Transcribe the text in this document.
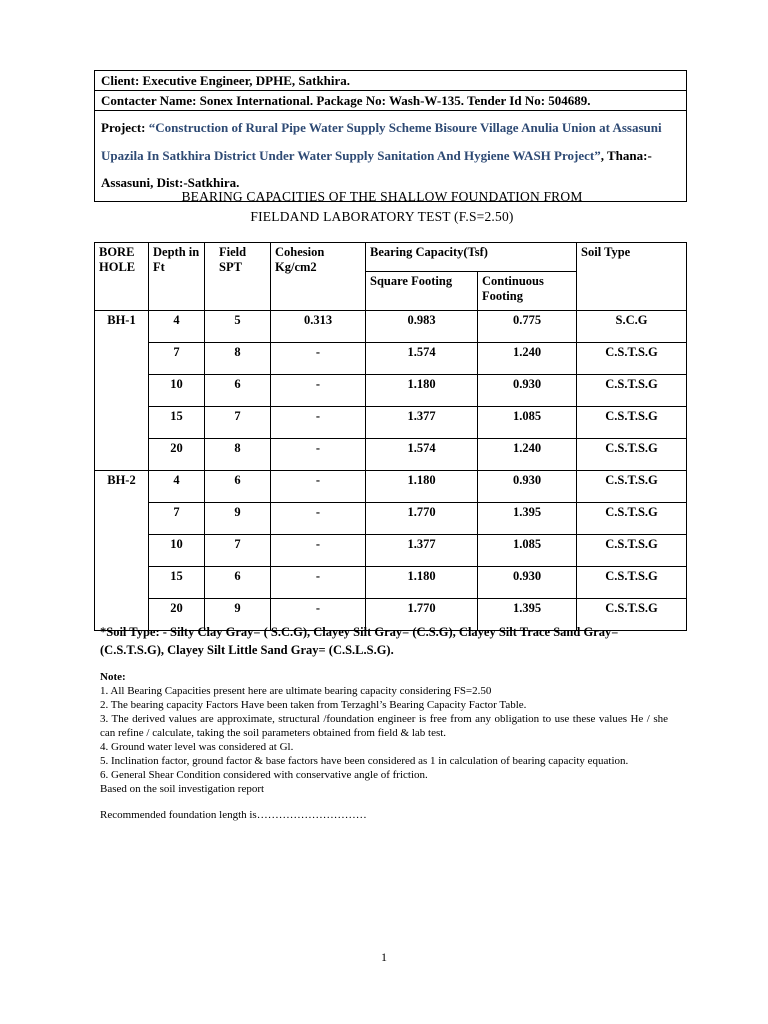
Client: Executive Engineer, DPHE, Satkhira.
Contacter Name: Sonex International. Package No: Wash-W-135. Tender Id No: 504689.
Project: “Construction of Rural Pipe Water Supply Scheme Bisoure Village Anulia Union at Assasuni Upazila In Satkhira District Under Water Supply Sanitation And Hygiene WASH Project”, Thana:-Assasuni, Dist:-Satkhira.
BEARING CAPACITIES OF THE SHALLOW FOUNDATION FROM
FIELDAND LABORATORY TEST (F.S=2.50)
BORE HOLE	Depth in Ft	Field SPT	Cohesion Kg/cm2	Bearing Capacity(Tsf)		Soil Type
				Square Footing	Continuous Footing	
BH-1	4	5	0.313	0.983	0.775	S.C.G
	7	8	-	1.574	1.240	C.S.T.S.G
	10	6	-	1.180	0.930	C.S.T.S.G
	15	7	-	1.377	1.085	C.S.T.S.G
	20	8	-	1.574	1.240	C.S.T.S.G
BH-2	4	6	-	1.180	0.930	C.S.T.S.G
	7	9	-	1.770	1.395	C.S.T.S.G
	10	7	-	1.377	1.085	C.S.T.S.G
	15	6	-	1.180	0.930	C.S.T.S.G
	20	9	-	1.770	1.395	C.S.T.S.G
*Soil Type: - Silty Clay Gray= ( S.C.G), Clayey Silt Gray= (C.S.G), Clayey Silt Trace Sand Gray= (C.S.T.S.G), Clayey Silt Little Sand Gray= (C.S.L.S.G).

Note:

1. All Bearing Capacities present here are ultimate bearing capacity considering FS=2.50

2. The bearing capacity Factors Have been taken from Terzaghl’s Bearing Capacity Factor Table.

3. The derived values are approximate, structural /foundation engineer is free from any obligation to use these values He / she can refine / calculate, taking the soil parameters obtained from field & lab test.

4. Ground water level was considered at Gl.

5. Inclination factor, ground factor & base factors have been considered as 1 in calculation of bearing capacity equation.

6. General Shear Condition considered with conservative angle of friction.

Based on the soil investigation report

Recommended foundation length is…………………………

1
